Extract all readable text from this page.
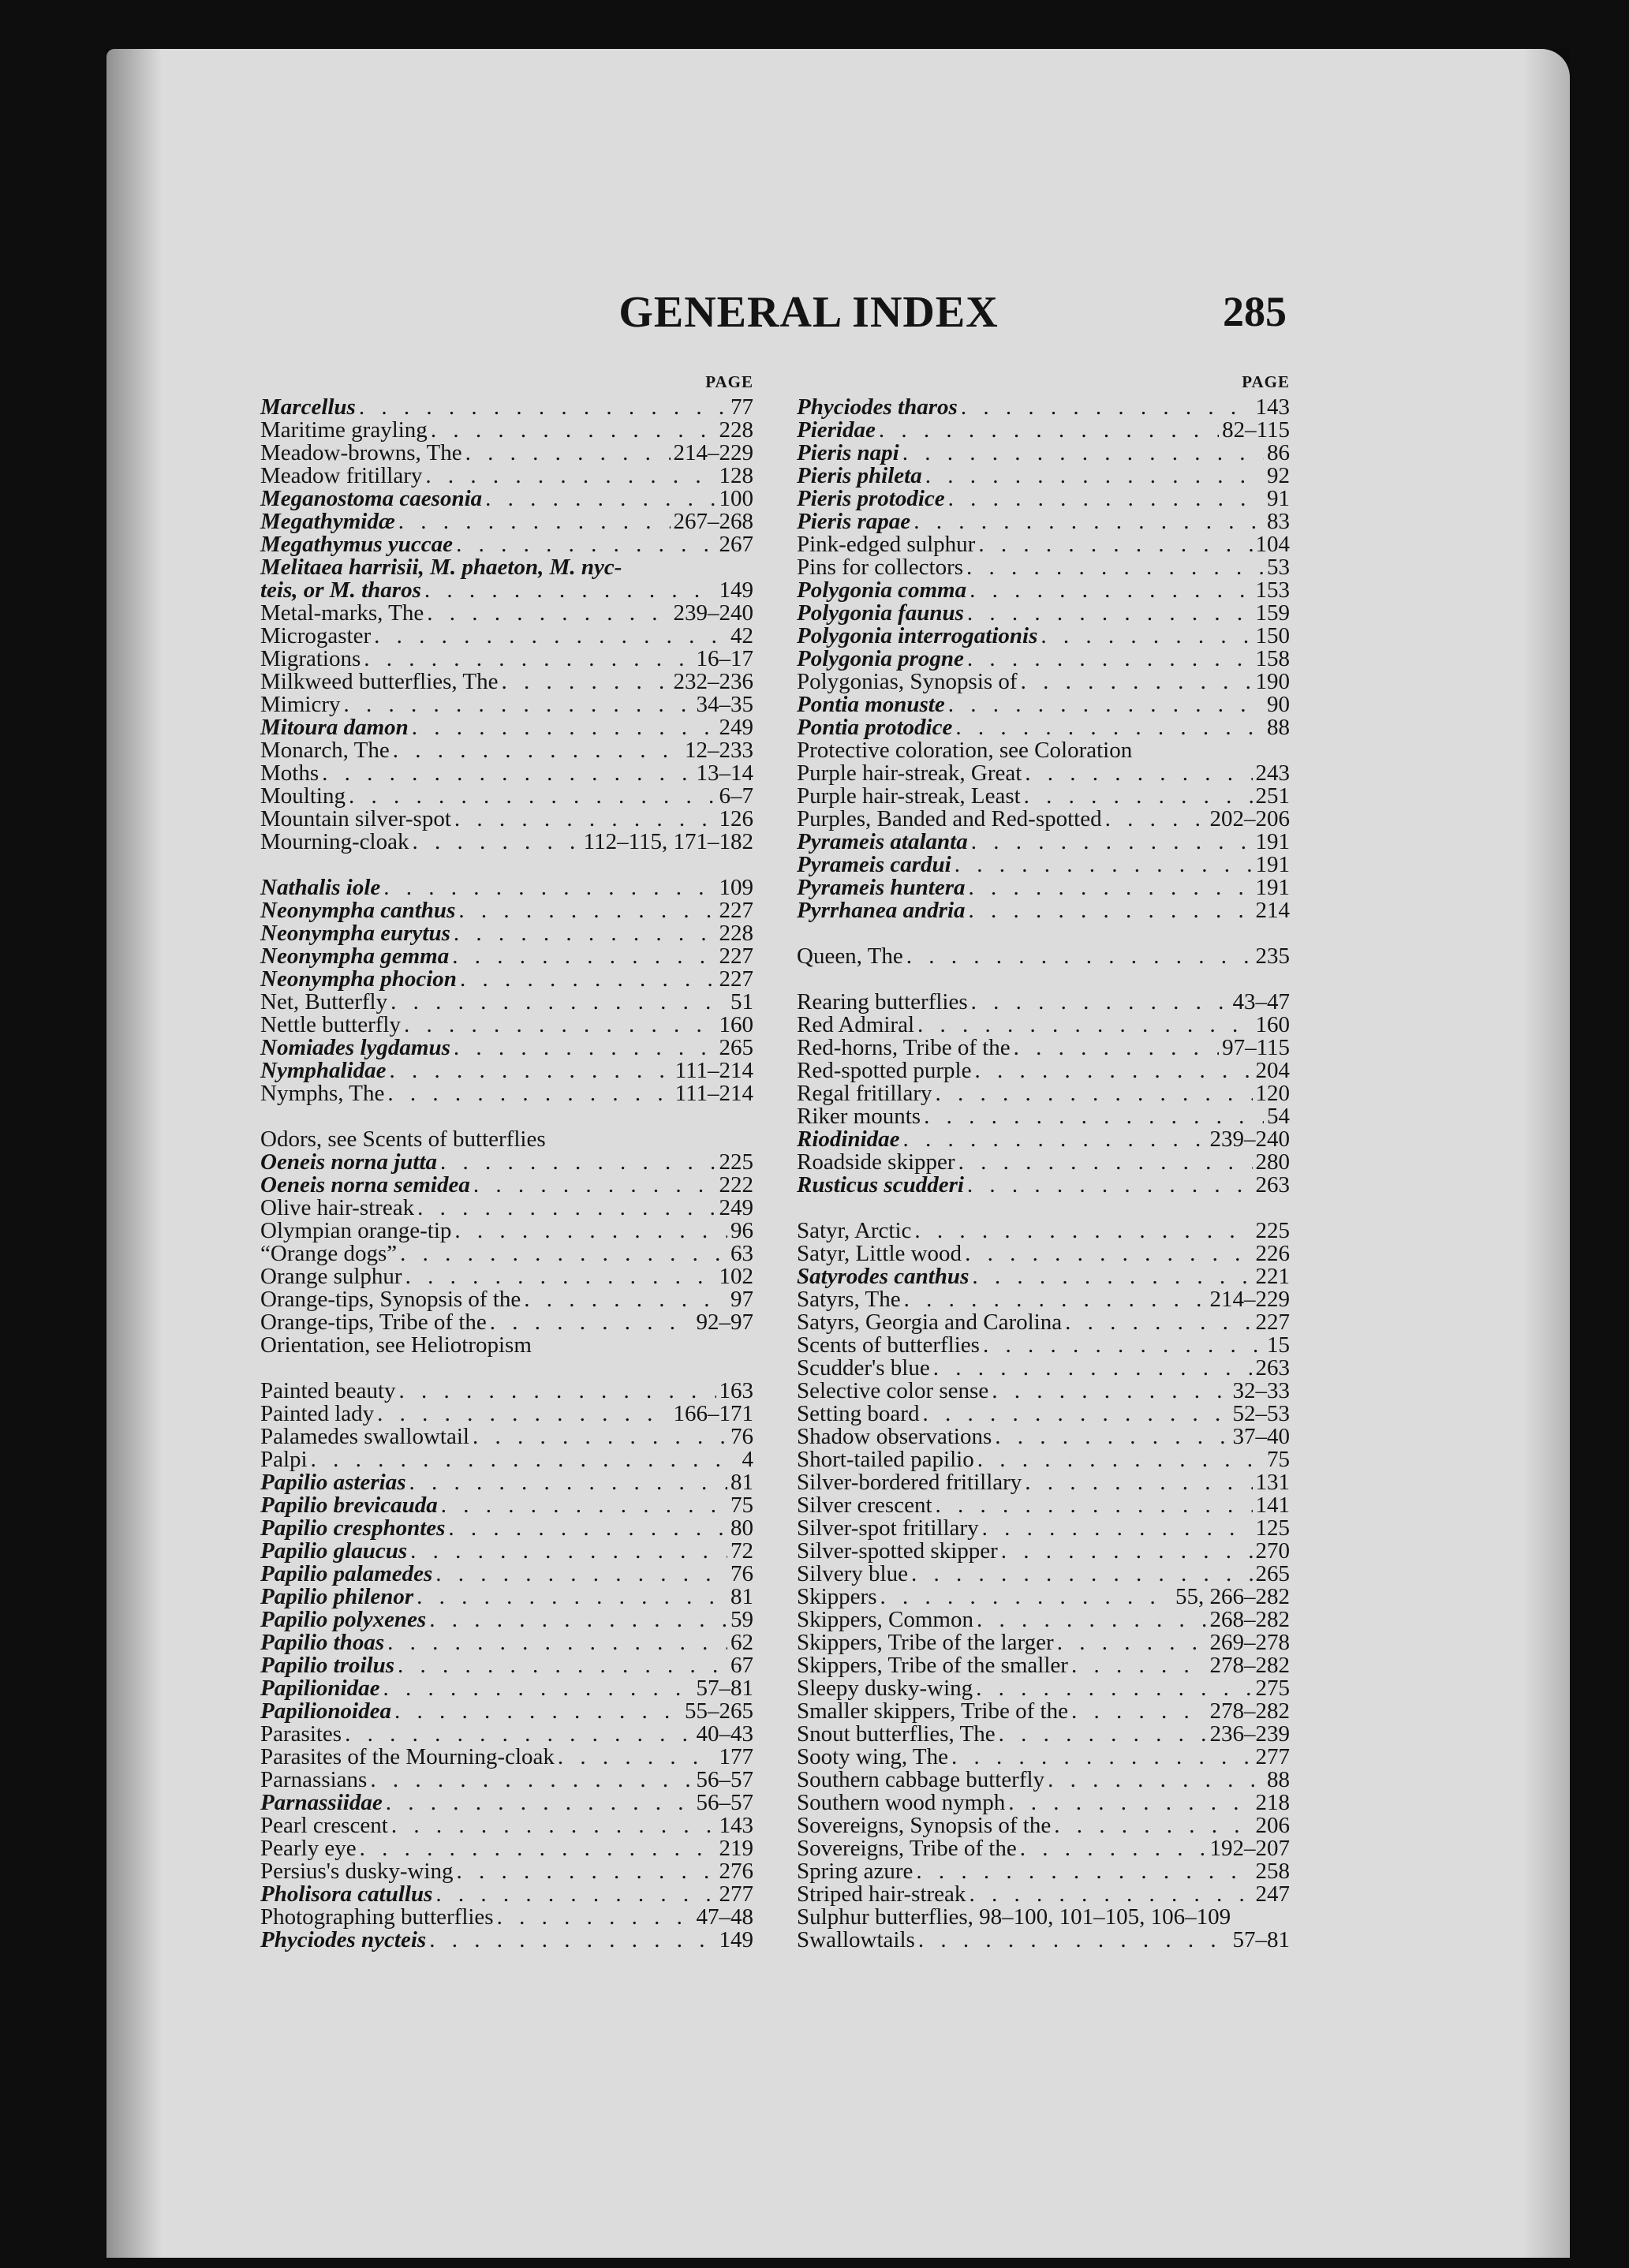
GENERAL INDEX	285
PAGE
Marcellus . . .	77
Maritime grayling . . .	228
Meadow-browns, The . . .	214–229
Meadow fritillary . . .	128
Meganostoma caesonia . . .	100
Megathymidæ . . .	267–268
Megathymus yuccae . . .	267
Melitaea harrisii, M. phaeton, M. nyc-
teis, or M. tharos . . .	149
Metal-marks, The . . .	239–240
Microgaster . . .	42
Migrations . . .	16–17
Milkweed butterflies, The . . .	232–236
Mimicry . . .	34–35
Mitoura damon . . .	249
Monarch, The . . .	12–233
Moths . . .	13–14
Moulting . . .	6–7
Mountain silver-spot . . .	126
Mourning-cloak . . .	112–115, 171–182
Nathalis iole . . .	109
Neonympha canthus . . .	227
Neonympha eurytus . . .	228
Neonympha gemma . . .	227
Neonympha phocion . . .	227
Net, Butterfly . . .	51
Nettle butterfly . . .	160
Nomiades lygdamus . . .	265
Nymphalidae . . .	111–214
Nymphs, The . . .	111–214
Odors, see Scents of butterflies
Oeneis norna jutta . . .	225
Oeneis norna semidea . . .	222
Olive hair-streak . . .	249
Olympian orange-tip . . .	96
“Orange dogs” . . .	63
Orange sulphur . . .	102
Orange-tips, Synopsis of the . . .	97
Orange-tips, Tribe of the . . .	92–97
Orientation, see Heliotropism
Painted beauty . . .	163
Painted lady . . .	166–171
Palamedes swallowtail . . .	76
Palpi . . .	4
Papilio asterias . . .	81
Papilio brevicauda . . .	75
Papilio cresphontes . . .	80
Papilio glaucus . . .	72
Papilio palamedes . . .	76
Papilio philenor . . .	81
Papilio polyxenes . . .	59
Papilio thoas . . .	62
Papilio troilus . . .	67
Papilionidae . . .	57–81
Papilionoidea . . .	55–265
Parasites . . .	40–43
Parasites of the Mourning-cloak . . .	177
Parnassians . . .	56–57
Parnassiidae . . .	56–57
Pearl crescent . . .	143
Pearly eye . . .	219
Persius's dusky-wing . . .	276
Pholisora catullus . . .	277
Photographing butterflies . . .	47–48
Phyciodes nycteis . . .	149
PAGE
Phyciodes tharos . . .	143
Pieridae . . .	82–115
Pieris napi . . .	86
Pieris phileta . . .	92
Pieris protodice . . .	91
Pieris rapae . . .	83
Pink-edged sulphur . . .	104
Pins for collectors . . .	53
Polygonia comma . . .	153
Polygonia faunus . . .	159
Polygonia interrogationis . . .	150
Polygonia progne . . .	158
Polygonias, Synopsis of . . .	190
Pontia monuste . . .	90
Pontia protodice . . .	88
Protective coloration, see Coloration
Purple hair-streak, Great . . .	243
Purple hair-streak, Least . . .	251
Purples, Banded and Red-spotted . . .	202–206
Pyrameis atalanta . . .	191
Pyrameis cardui . . .	191
Pyrameis huntera . . .	191
Pyrrhanea andria . . .	214
Queen, The . . .	235
Rearing butterflies . . .	43–47
Red Admiral . . .	160
Red-horns, Tribe of the . . .	97–115
Red-spotted purple . . .	204
Regal fritillary . . .	120
Riker mounts . . .	54
Riodinidae . . .	239–240
Roadside skipper . . .	280
Rusticus scudderi . . .	263
Satyr, Arctic . . .	225
Satyr, Little wood . . .	226
Satyrodes canthus . . .	221
Satyrs, The . . .	214–229
Satyrs, Georgia and Carolina . . .	227
Scents of butterflies . . .	15
Scudder's blue . . .	263
Selective color sense . . .	32–33
Setting board . . .	52–53
Shadow observations . . .	37–40
Short-tailed papilio . . .	75
Silver-bordered fritillary . . .	131
Silver crescent . . .	141
Silver-spot fritillary . . .	125
Silver-spotted skipper . . .	270
Silvery blue . . .	265
Skippers . . .	55, 266–282
Skippers, Common . . .	268–282
Skippers, Tribe of the larger . . .	269–278
Skippers, Tribe of the smaller . . .	278–282
Sleepy dusky-wing . . .	275
Smaller skippers, Tribe of the . . .	278–282
Snout butterflies, The . . .	236–239
Sooty wing, The . . .	277
Southern cabbage butterfly . . .	88
Southern wood nymph . . .	218
Sovereigns, Synopsis of the . . .	206
Sovereigns, Tribe of the . . .	192–207
Spring azure . . .	258
Striped hair-streak . . .	247
Sulphur butterflies, 98–100, 101–105, 106–109
Swallowtails . . .	57–81
